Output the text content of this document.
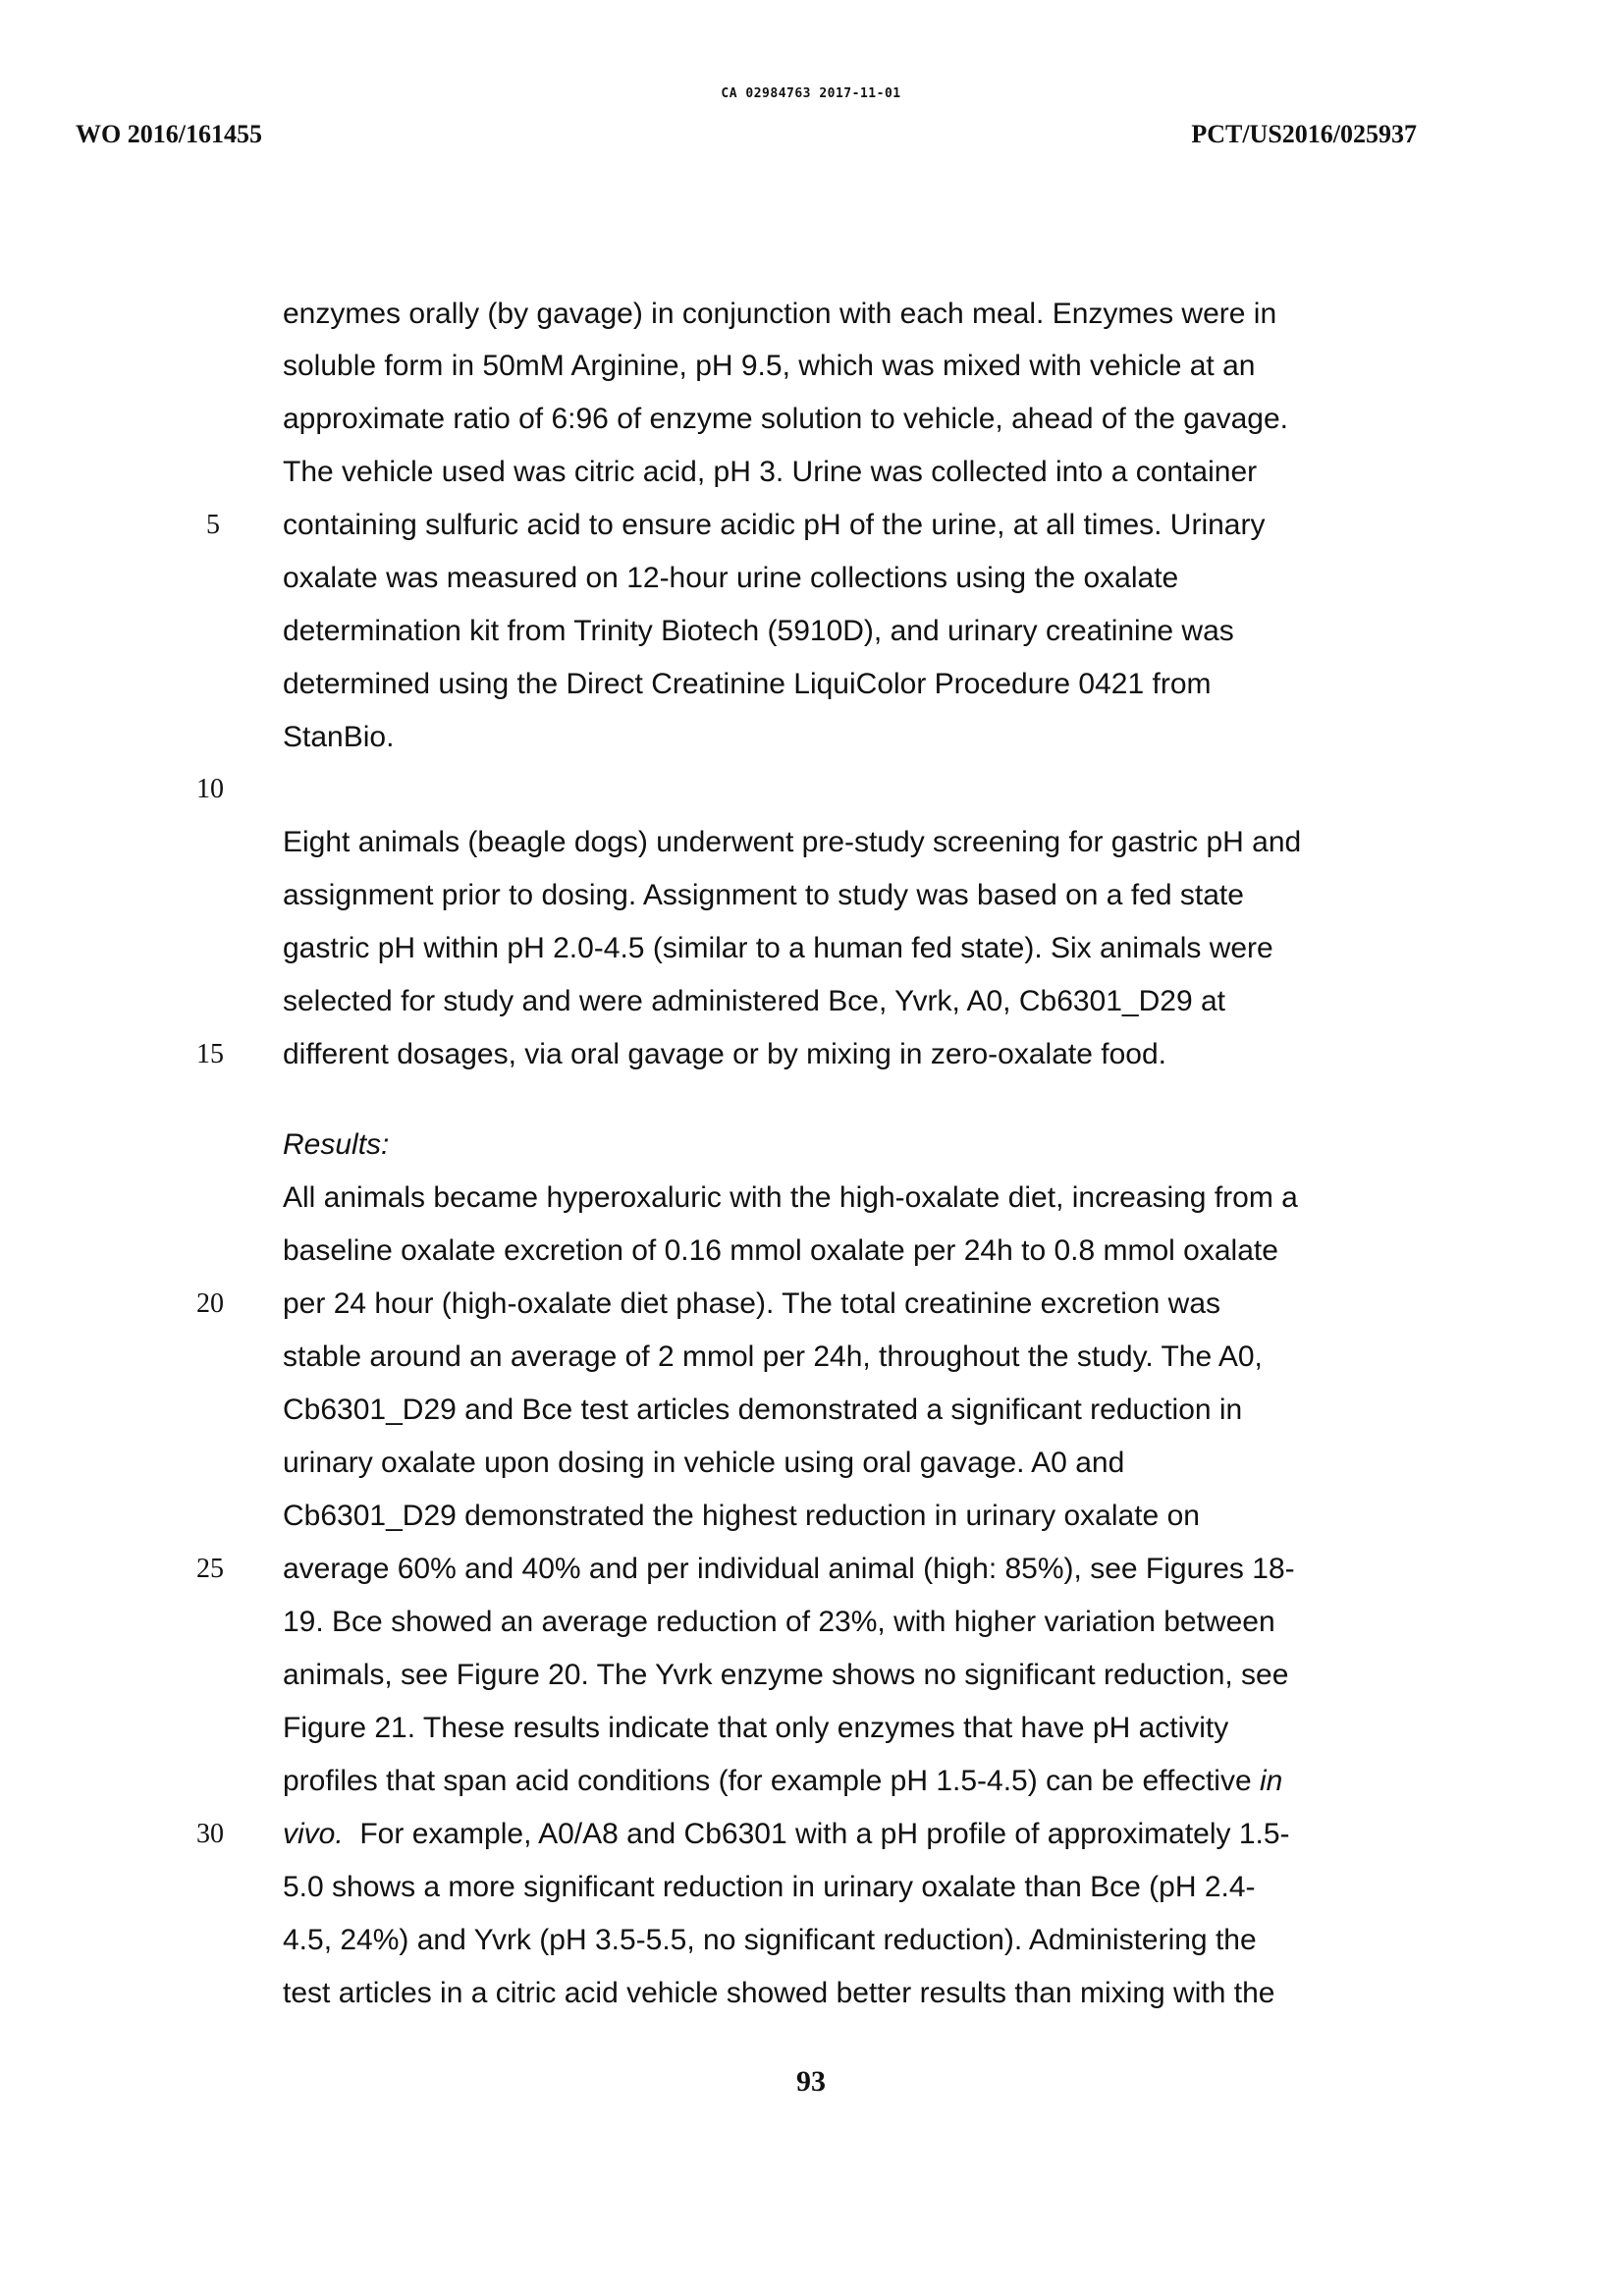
CA 02984763 2017-11-01
WO 2016/161455	PCT/US2016/025937
enzymes orally (by gavage) in conjunction with each meal. Enzymes were in
soluble form in 50mM Arginine, pH 9.5, which was mixed with vehicle at an
approximate ratio of 6:96 of enzyme solution to vehicle, ahead of the gavage.
The vehicle used was citric acid, pH 3. Urine was collected into a container
containing sulfuric acid to ensure acidic pH of the urine, at all times. Urinary
oxalate was measured on 12-hour urine collections using the oxalate
determination kit from Trinity Biotech (5910D), and urinary creatinine was
determined using the Direct Creatinine LiquiColor Procedure 0421 from
StanBio.
Eight animals (beagle dogs) underwent pre-study screening for gastric pH and
assignment prior to dosing. Assignment to study was based on a fed state
gastric pH within pH 2.0-4.5 (similar to a human fed state). Six animals were
selected for study and were administered Bce, Yvrk, A0, Cb6301_D29 at
different dosages, via oral gavage or by mixing in zero-oxalate food.
Results:
All animals became hyperoxaluric with the high-oxalate diet, increasing from a
baseline oxalate excretion of 0.16 mmol oxalate per 24h to 0.8 mmol oxalate
per 24 hour (high-oxalate diet phase). The total creatinine excretion was
stable around an average of 2 mmol per 24h, throughout the study. The A0,
Cb6301_D29 and Bce test articles demonstrated a significant reduction in
urinary oxalate upon dosing in vehicle using oral gavage. A0 and
Cb6301_D29 demonstrated the highest reduction in urinary oxalate on
average 60% and 40% and per individual animal (high: 85%), see Figures 18-
19. Bce showed an average reduction of 23%, with higher variation between
animals, see Figure 20. The Yvrk enzyme shows no significant reduction, see
Figure 21. These results indicate that only enzymes that have pH activity
profiles that span acid conditions (for example pH 1.5-4.5) can be effective in
vivo.  For example, A0/A8 and Cb6301 with a pH profile of approximately 1.5-
5.0 shows a more significant reduction in urinary oxalate than Bce (pH 2.4-
4.5, 24%) and Yvrk (pH 3.5-5.5, no significant reduction). Administering the
test articles in a citric acid vehicle showed better results than mixing with the
5
10
15
20
25
30
93
